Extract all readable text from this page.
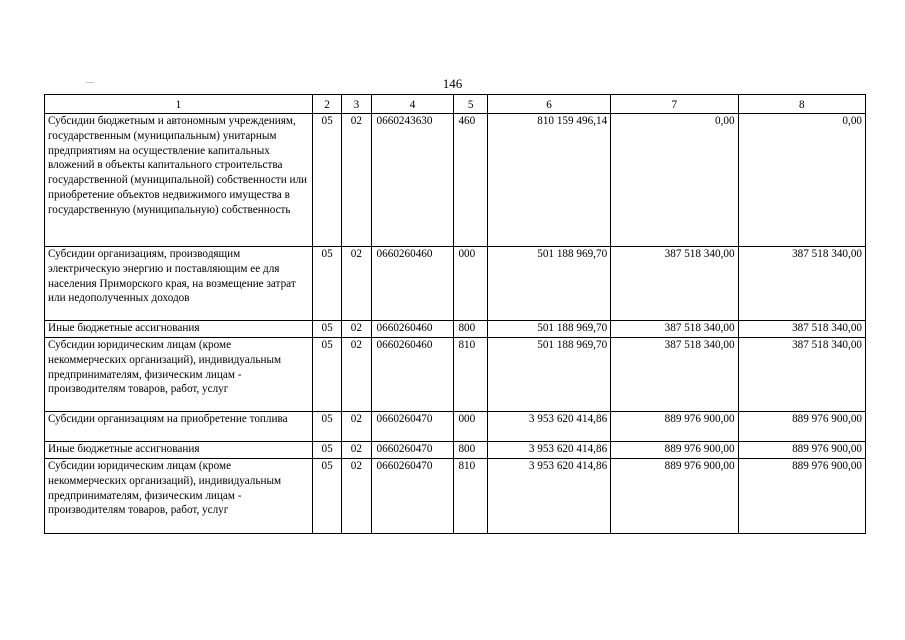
146
1	2	3	4	5	6	7	8
Субсидии бюджетным и автономным учреждениям, государственным (муниципальным) унитарным предприятиям на осуществление капитальных вложений в объекты капитального строительства государственной (муниципальной) собственности или приобретение объектов недвижимого имущества в государственную (муниципальную) собственность	05	02	0660243630	460	810 159 496,14	0,00	0,00
Субсидии организациям, производящим электрическую энергию и поставляющим ее для населения Приморского края, на возмещение затрат или недополученных доходов	05	02	0660260460	000	501 188 969,70	387 518 340,00	387 518 340,00
Иные бюджетные ассигнования	05	02	0660260460	800	501 188 969,70	387 518 340,00	387 518 340,00
Субсидии юридическим лицам (кроме некоммерческих организаций), индивидуальным предпринимателям, физическим лицам - производителям товаров, работ, услуг	05	02	0660260460	810	501 188 969,70	387 518 340,00	387 518 340,00
Субсидии организациям на приобретение топлива	05	02	0660260470	000	3 953 620 414,86	889 976 900,00	889 976 900,00
Иные бюджетные ассигнования	05	02	0660260470	800	3 953 620 414,86	889 976 900,00	889 976 900,00
Субсидии юридическим лицам (кроме некоммерческих организаций), индивидуальным предпринимателям, физическим лицам - производителям товаров, работ, услуг	05	02	0660260470	810	3 953 620 414,86	889 976 900,00	889 976 900,00
